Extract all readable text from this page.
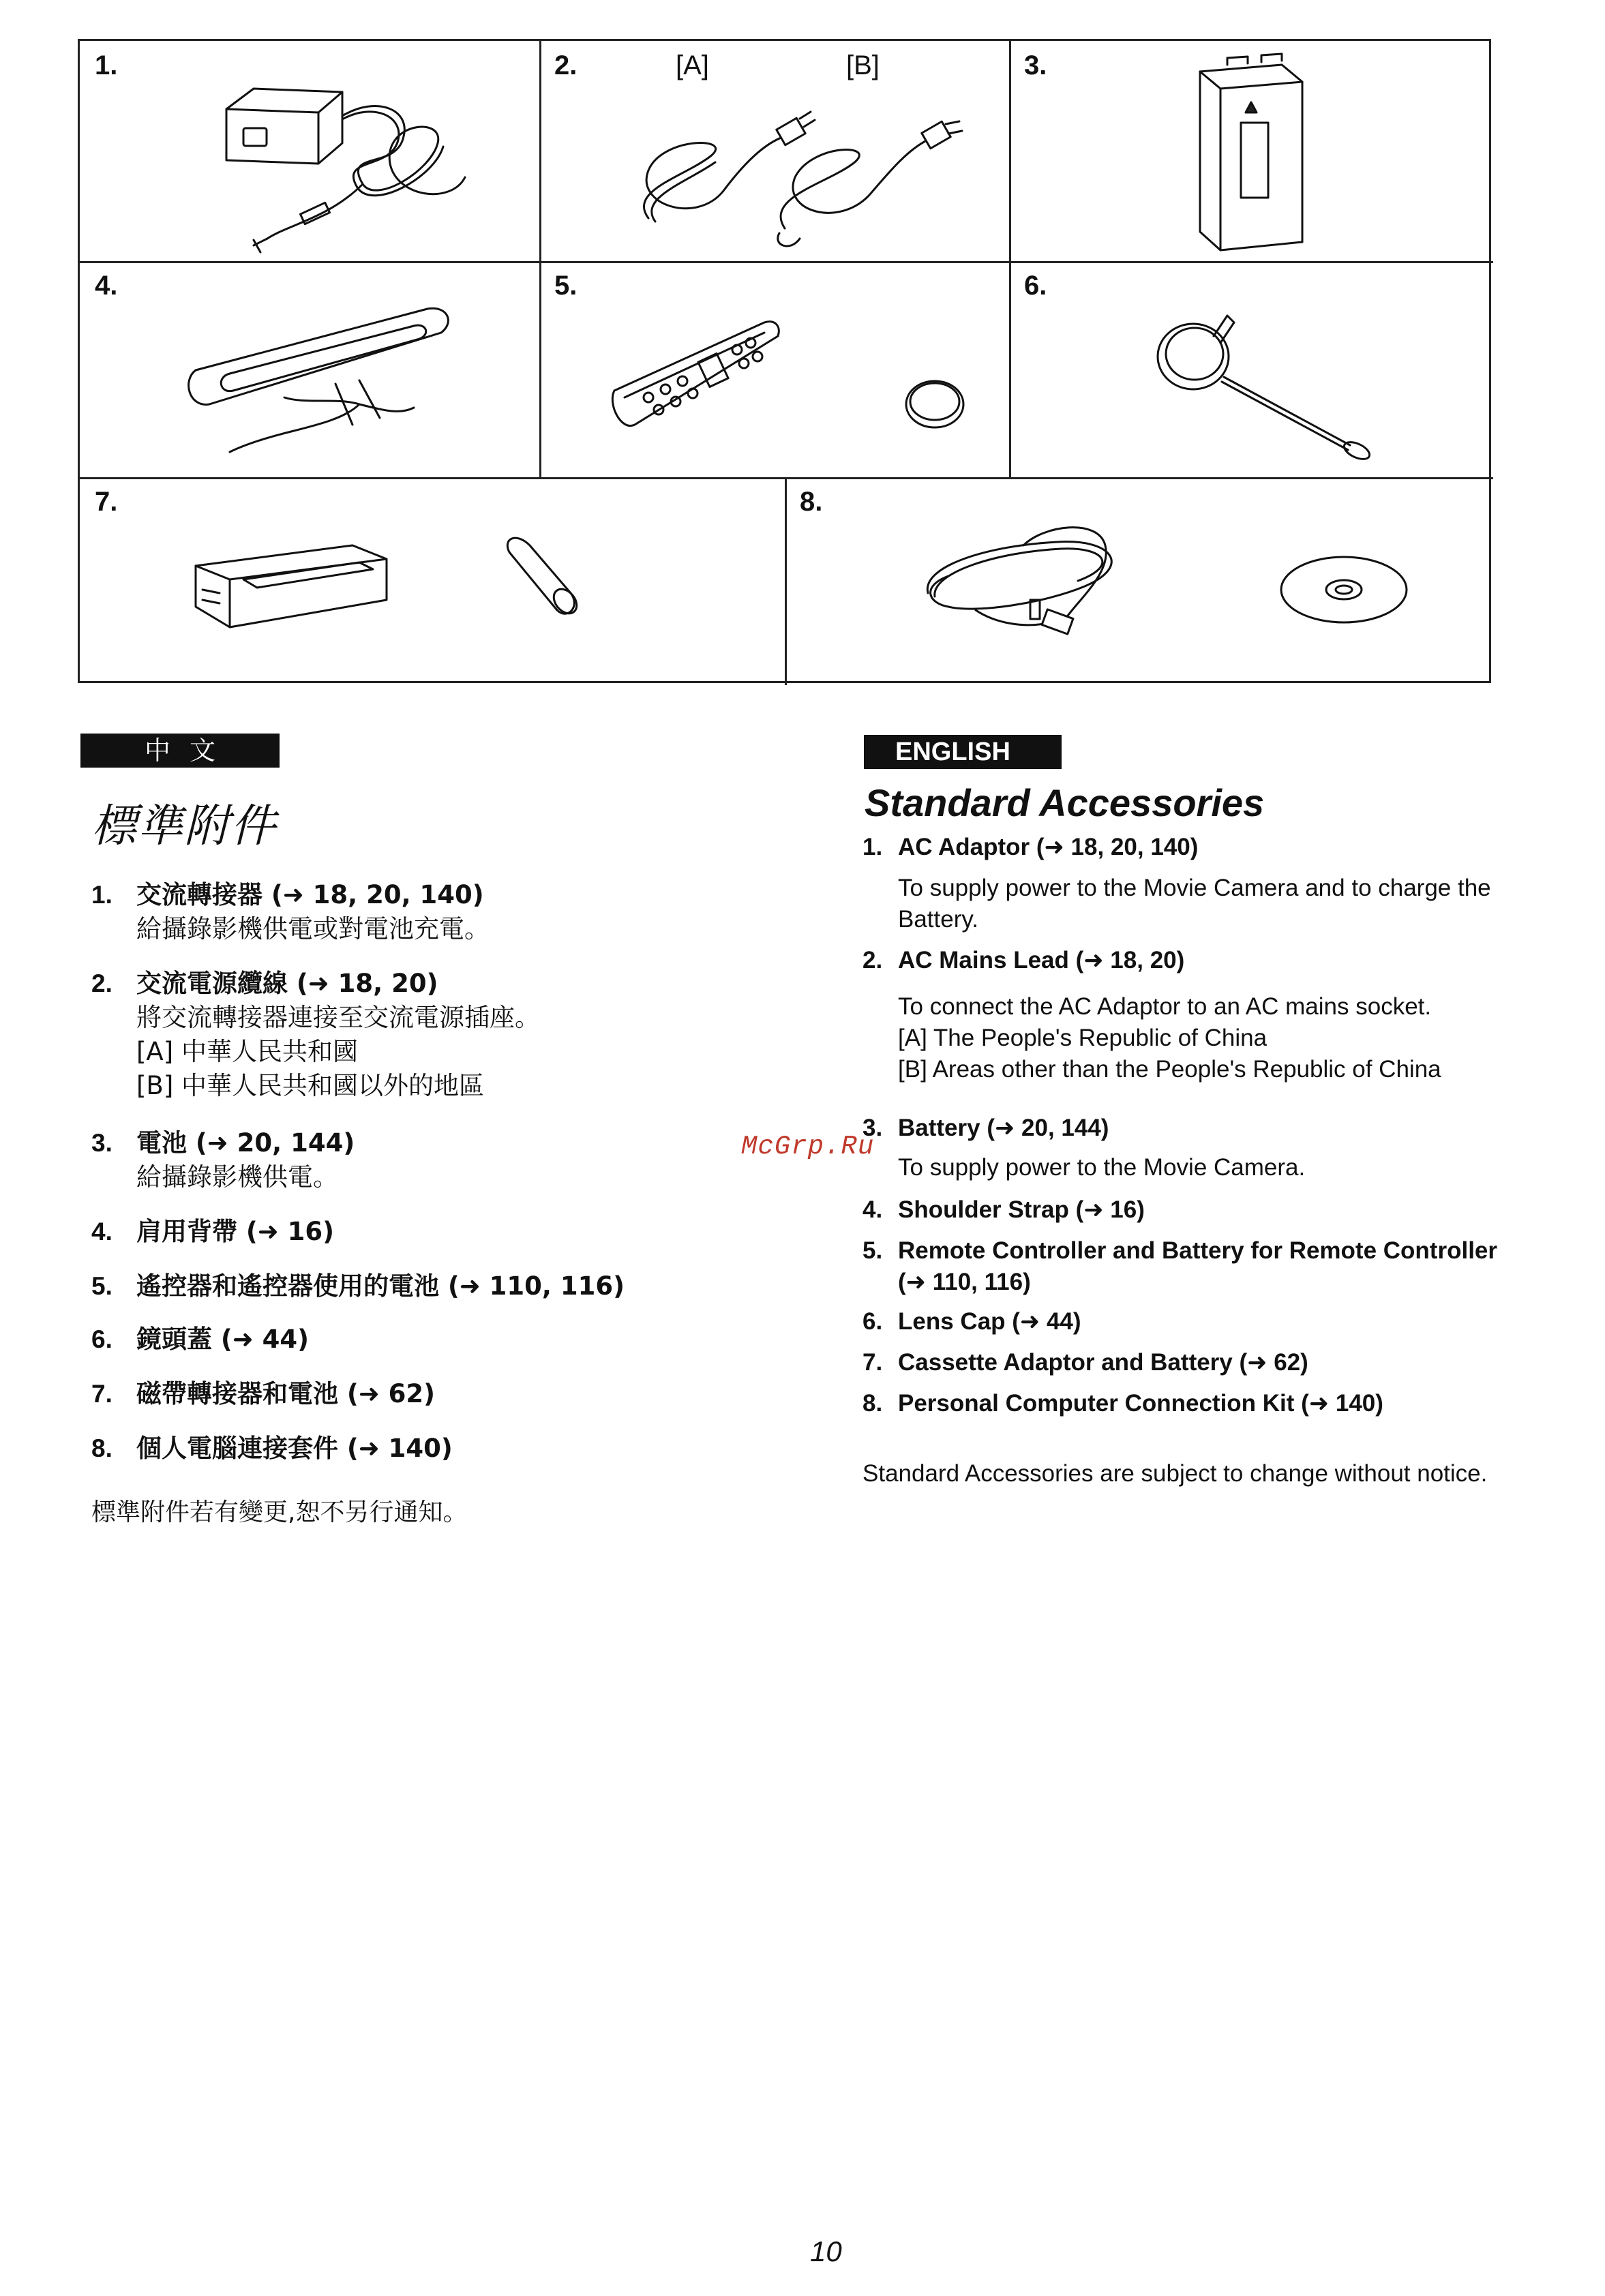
1.	2.	[A]	[B]	3.
4.	5.	6.
7.	8.
中文
標準附件
1. 交流轉接器 (➜ 18, 20, 140)
給攝錄影機供電或對電池充電。
2. 交流電源纜線 (➜ 18, 20)
將交流轉接器連接至交流電源插座。
[A] 中華人民共和國
[B] 中華人民共和國以外的地區
3. 電池 (➜ 20, 144)
給攝錄影機供電。
4. 肩用背帶 (➜ 16)
5. 遙控器和遙控器使用的電池 (➜ 110, 116)
6. 鏡頭蓋 (➜ 44)
7. 磁帶轉接器和電池 (➜ 62)
8. 個人電腦連接套件 (➜ 140)
標準附件若有變更,恕不另行通知。
ENGLISH
Standard Accessories
1. AC Adaptor (➜ 18, 20, 140)
To supply power to the Movie Camera and to charge the
Battery.
2. AC Mains Lead (➜ 18, 20)
To connect the AC Adaptor to an AC mains socket.
[A] The People's Republic of China
[B] Areas other than the People's Republic of China
3. Battery (➜ 20, 144)
To supply power to the Movie Camera.
4. Shoulder Strap (➜ 16)
5. Remote Controller and Battery for Remote Controller
(➜ 110, 116)
6. Lens Cap (➜ 44)
7. Cassette Adaptor and Battery (➜ 62)
8. Personal Computer Connection Kit (➜ 140)
Standard Accessories are subject to change without notice.
McGrp.Ru
10
